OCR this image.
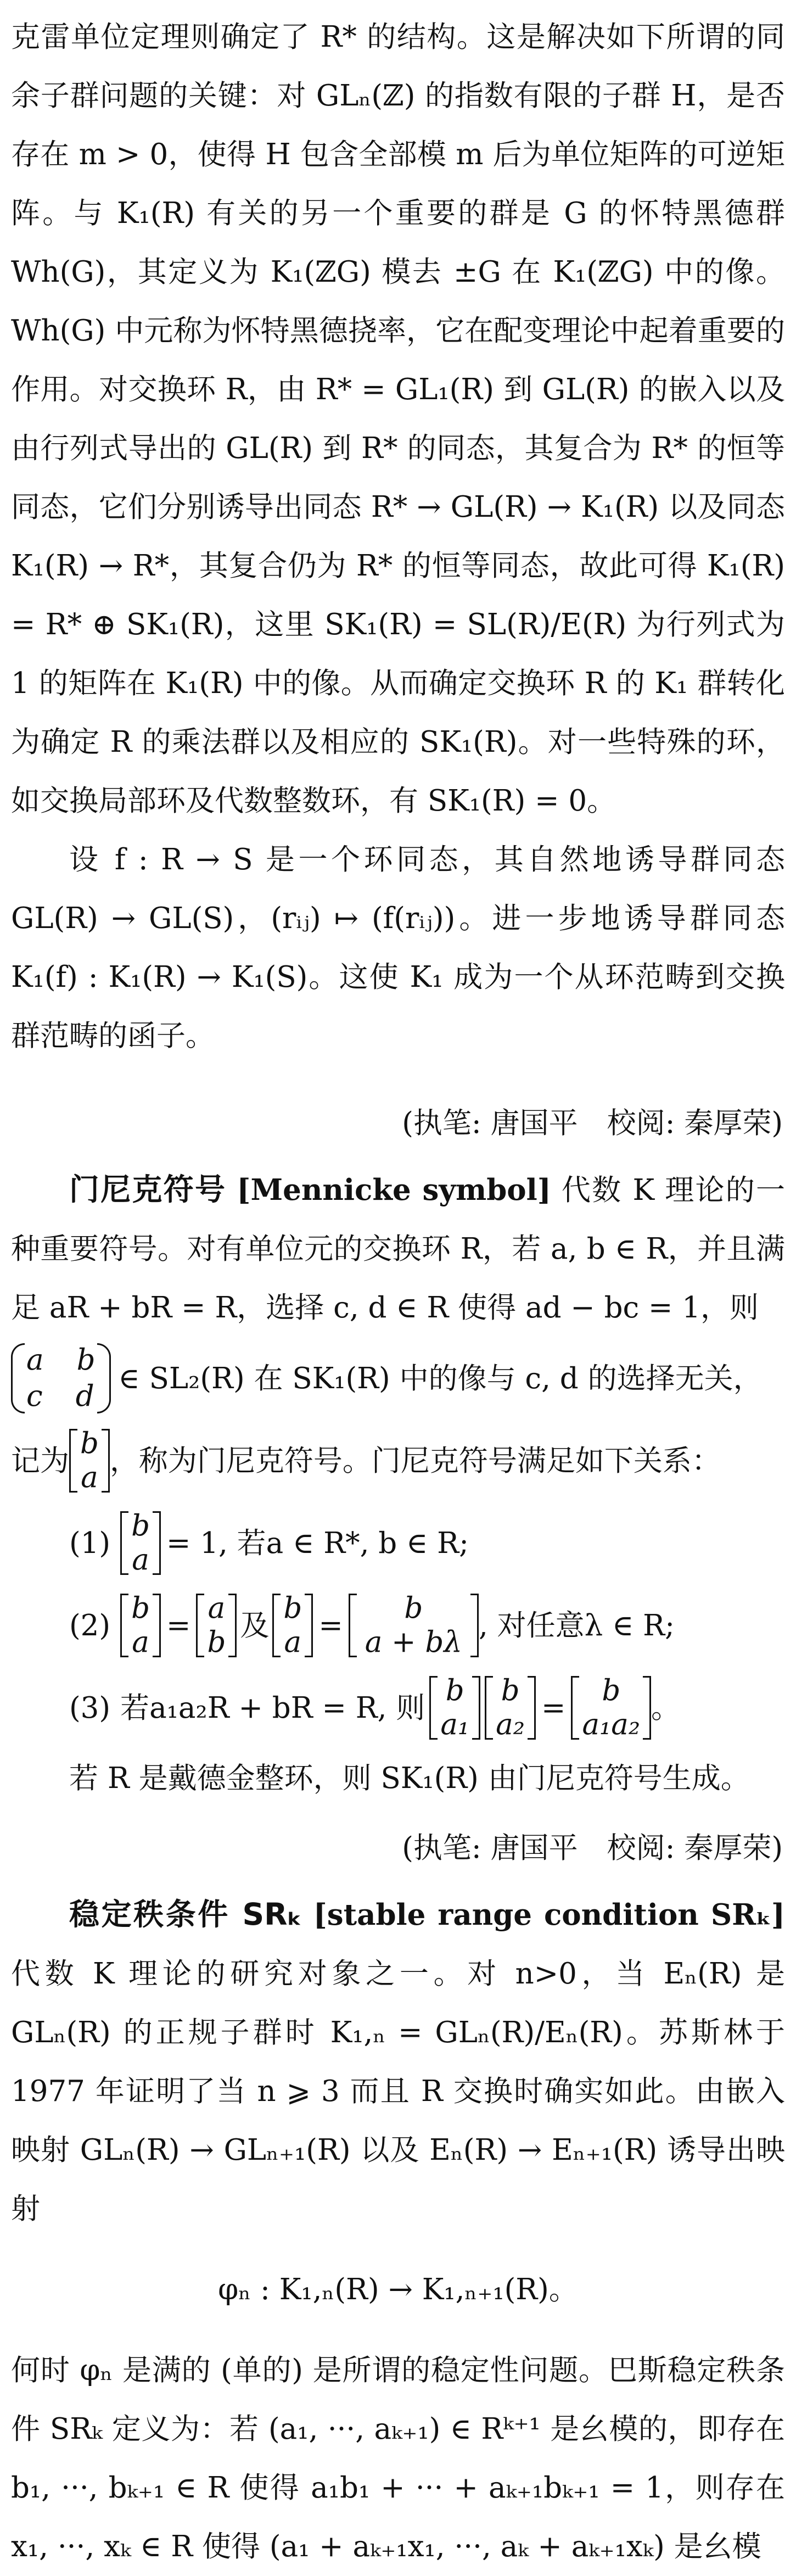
克雷单位定理则确定了 R* 的结构。这是解决如下所谓的同余子群问题的关键：对 GLₙ(ℤ) 的指数有限的子群 H，是否存在 m > 0，使得 H 包含全部模 m 后为单位矩阵的可逆矩阵。与 K₁(R) 有关的另一个重要的群是 G 的怀特黑德群 Wh(G)，其定义为 K₁(ℤG) 模去 ±G 在 K₁(ℤG) 中的像。Wh(G) 中元称为怀特黑德挠率，它在配变理论中起着重要的作用。对交换环 R，由 R* = GL₁(R) 到 GL(R) 的嵌入以及由行列式导出的 GL(R) 到 R* 的同态，其复合为 R* 的恒等同态，它们分别诱导出同态 R* → GL(R) → K₁(R) 以及同态 K₁(R) → R*，其复合仍为 R* 的恒等同态，故此可得 K₁(R) = R* ⊕ SK₁(R)，这里 SK₁(R) = SL(R)/E(R) 为行列式为 1 的矩阵在 K₁(R) 中的像。从而确定交换环 R 的 K₁ 群转化为确定 R 的乘法群以及相应的 SK₁(R)。对一些特殊的环，如交换局部环及代数整数环，有 SK₁(R) = 0。

设 f : R → S 是一个环同态，其自然地诱导群同态 GL(R) → GL(S)，(rᵢⱼ) ↦ (f(rᵢⱼ))。进一步地诱导群同态 K₁(f) : K₁(R) → K₁(S)。这使 K₁ 成为一个从环范畴到交换群范畴的函子。

(执笔: 唐国平　校阅: 秦厚荣)

门尼克符号 [Mennicke symbol] 代数 K 理论的一种重要符号。对有单位元的交换环 R，若 a, b ∈ R，并且满足 aR + bR = R，选择 c, d ∈ R 使得 ad − bc = 1，则

a b
c d
∈ SL₂(R) 在 SK₁(R) 中的像与 c, d 的选择无关，
记为
b
a ，称为门尼克符号。门尼克符号满足如下关系：
(1)
b
a = 1, 若a ∈ R*, b ∈ R;
(2)
b
a =
a
b 及
b
a =
b
a + bλ , 对任意λ ∈ R;
(3) 若a₁a₂R + bR = R, 则
b
a₁
b
a₂ =
b
a₁a₂ 。

若 R 是戴德金整环，则 SK₁(R) 由门尼克符号生成。

(执笔: 唐国平　校阅: 秦厚荣)

稳定秩条件 SRₖ [stable range condition SRₖ] 代数 K 理论的研究对象之一。对 n>0，当 Eₙ(R) 是 GLₙ(R) 的正规子群时 K₁,ₙ = GLₙ(R)/Eₙ(R)。苏斯林于 1977 年证明了当 n ⩾ 3 而且 R 交换时确实如此。由嵌入映射 GLₙ(R) → GLₙ₊₁(R) 以及 Eₙ(R) → Eₙ₊₁(R) 诱导出映射

φₙ : K₁,ₙ(R) → K₁,ₙ₊₁(R)。

何时 φₙ 是满的 (单的) 是所谓的稳定性问题。巴斯稳定秩条件 SRₖ 定义为：若 (a₁, ···, aₖ₊₁) ∈ Rᵏ⁺¹ 是幺模的，即存在 b₁, ···, bₖ₊₁ ∈ R 使得 a₁b₁ + ··· + aₖ₊₁bₖ₊₁ = 1，则存在 x₁, ···, xₖ ∈ R 使得 (a₁ + aₖ₊₁x₁, ···, aₖ + aₖ₊₁xₖ) 是幺模
